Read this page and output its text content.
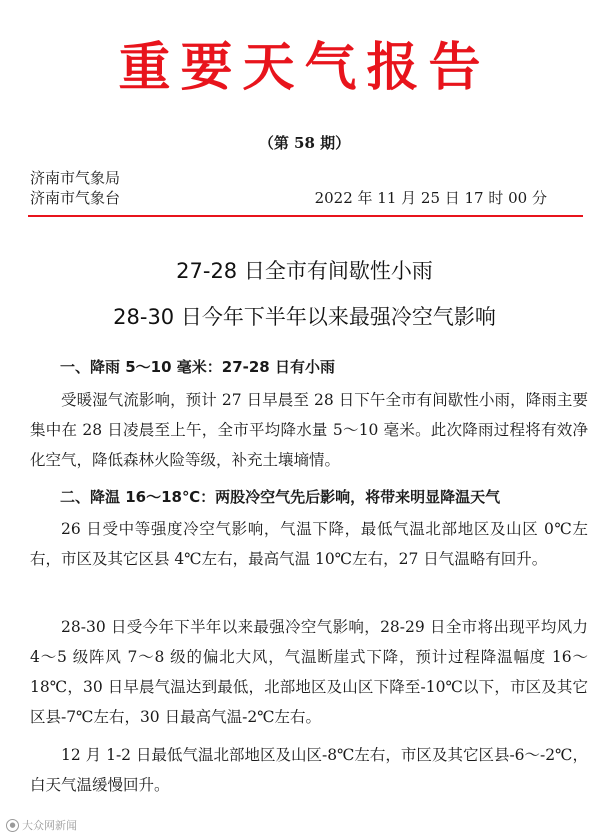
重要天气报告
（第 58 期）
济南市气象局
济南市气象台	2022 年 11 月 25 日 17 时 00 分
27-28 日全市有间歇性小雨
28-30 日今年下半年以来最强冷空气影响
一、降雨 5～10 毫米：27-28 日有小雨
受暖湿气流影响，预计 27 日早晨至 28 日下午全市有间歇性小雨，降雨主要集中在 28 日凌晨至上午，全市平均降水量 5～10 毫米。此次降雨过程将有效净化空气，降低森林火险等级，补充土壤墒情。
二、降温 16～18℃：两股冷空气先后影响，将带来明显降温天气
26 日受中等强度冷空气影响，气温下降，最低气温北部地区及山区 0℃左右，市区及其它区县 4℃左右，最高气温 10℃左右，27 日气温略有回升。
28-30 日受今年下半年以来最强冷空气影响，28-29 日全市将出现平均风力 4～5 级阵风 7～8 级的偏北大风，气温断崖式下降，预计过程降温幅度 16～18℃，30 日早晨气温达到最低，北部地区及山区下降至-10℃以下，市区及其它区县-7℃左右，30 日最高气温-2℃左右。
12 月 1-2 日最低气温北部地区及山区-8℃左右，市区及其它区县-6～-2℃，白天气温缓慢回升。
● 大众网新闻
